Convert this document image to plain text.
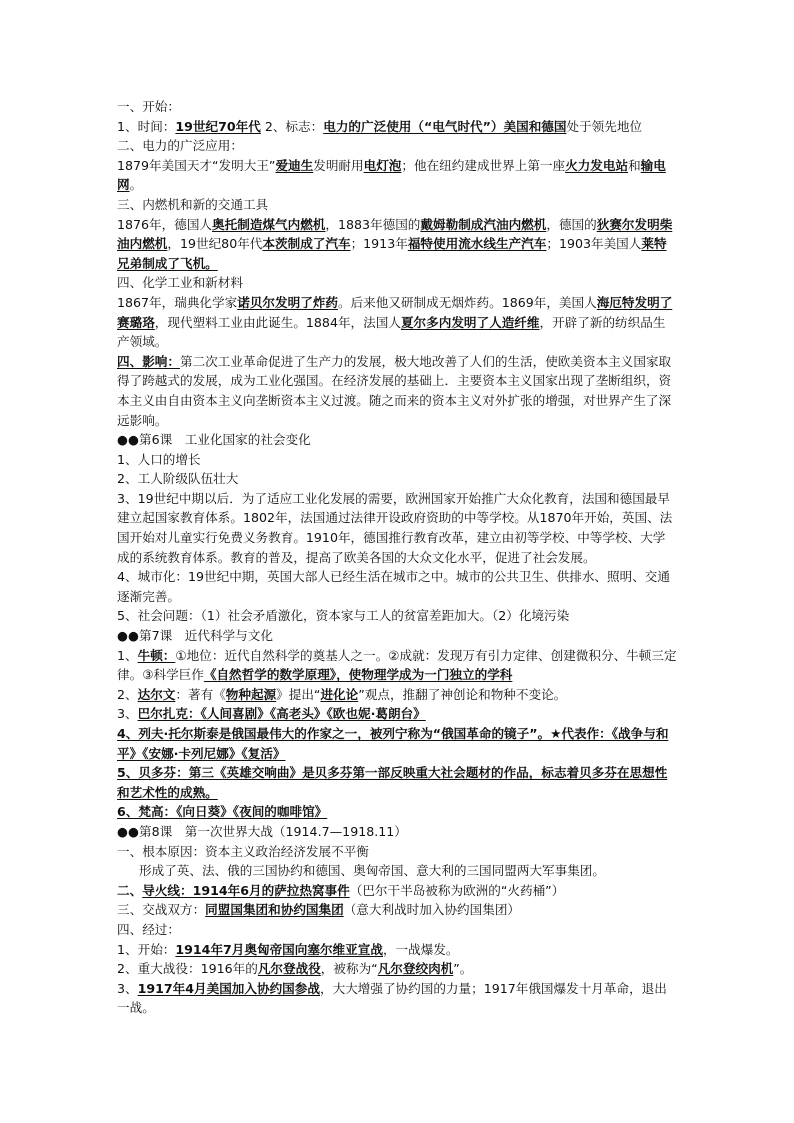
一、开始：
1、时间：19世纪70年代 2、标志：电力的广泛使用（“电气时代”）美国和德国处于领先地位
二、电力的广泛应用：
1879年美国天才“发明大王”爱迪生发明耐用电灯泡；他在纽约建成世界上第一座火力发电站和输电网。
三、内燃机和新的交通工具
1876年，德国人奥托制造煤气内燃机，1883年德国的戴姆勒制成汽油内燃机，德国的狄赛尔发明柴油内燃机，19世纪80年代本茨制成了汽车；1913年福特使用流水线生产汽车；1903年美国人莱特兄弟制成了飞机。
四、化学工业和新材料
1867年，瑞典化学家诺贝尔发明了炸药。后来他又研制成无烟炸药。1869年，美国人海厄特发明了赛璐珞，现代塑料工业由此诞生。1884年，法国人夏尔多内发明了人造纤维，开辟了新的纺织品生产领域。
四、影响：第二次工业革命促进了生产力的发展，极大地改善了人们的生活，使欧美资本主义国家取得了跨越式的发展，成为工业化强国。在经济发展的基础上．主要资本主义国家出现了垄断组织，资本主义由自由资本主义向垄断资本主义过渡。随之而来的资本主义对外扩张的增强，对世界产生了深远影响。
●●第6课　工业化国家的社会变化
1、人口的增长
2、工人阶级队伍壮大
3、19世纪中期以后．为了适应工业化发展的需要，欧洲国家开始推广大众化教育，法国和德国最早建立起国家教育体系。1802年，法国通过法律开设政府资助的中等学校。从1870年开始，英国、法国开始对儿童实行免费义务教育。1910年，德国推行教育改革，建立由初等学校、中等学校、大学成的系统教育体系。教育的普及，提高了欧美各国的大众文化水平，促进了社会发展。
4、城市化：19世纪中期，英国大部人已经生活在城市之中。城市的公共卫生、供排水、照明、交通逐渐完善。
5、社会问题：（1）社会矛盾激化，资本家与工人的贫富差距加大。（2）化境污染
●●第7课　近代科学与文化
1、牛顿：①地位：近代自然科学的奠基人之一。②成就：发现万有引力定律、创建微积分、牛顿三定律。③科学巨作《自然哲学的数学原理》，使物理学成为一门独立的学科
2、达尔文：著有《物种起源》提出“进化论”观点，推翻了神创论和物种不变论。
3、巴尔扎克：《人间喜剧》《高老头》《欧也妮·葛朗台》
4、列夫·托尔斯泰是俄国最伟大的作家之一，被列宁称为“俄国革命的镜子”。★代表作：《战争与和平》《安娜·卡列尼娜》《复活》
5、贝多芬：第三《英雄交响曲》是贝多芬第一部反映重大社会题材的作品，标志着贝多芬在思想性和艺术性的成熟。
6、梵高：《向日葵》《夜间的咖啡馆》
●●第8课　第一次世界大战（1914.7—1918.11）
一、根本原因：资本主义政治经济发展不平衡
形成了英、法、俄的三国协约和德国、奥匈帝国、意大利的三国同盟两大军事集团。
二、导火线：1914年6月的萨拉热窝事件（巴尔干半岛被称为欧洲的“火药桶”）
三、交战双方：同盟国集团和协约国集团（意大利战时加入协约国集团）
四、经过：
1、开始：1914年7月奥匈帝国向塞尔维亚宣战，一战爆发。
2、重大战役：1916年的凡尔登战役，被称为“凡尔登绞肉机”。
3、1917年4月美国加入协约国参战，大大增强了协约国的力量；1917年俄国爆发十月革命，退出一战。
